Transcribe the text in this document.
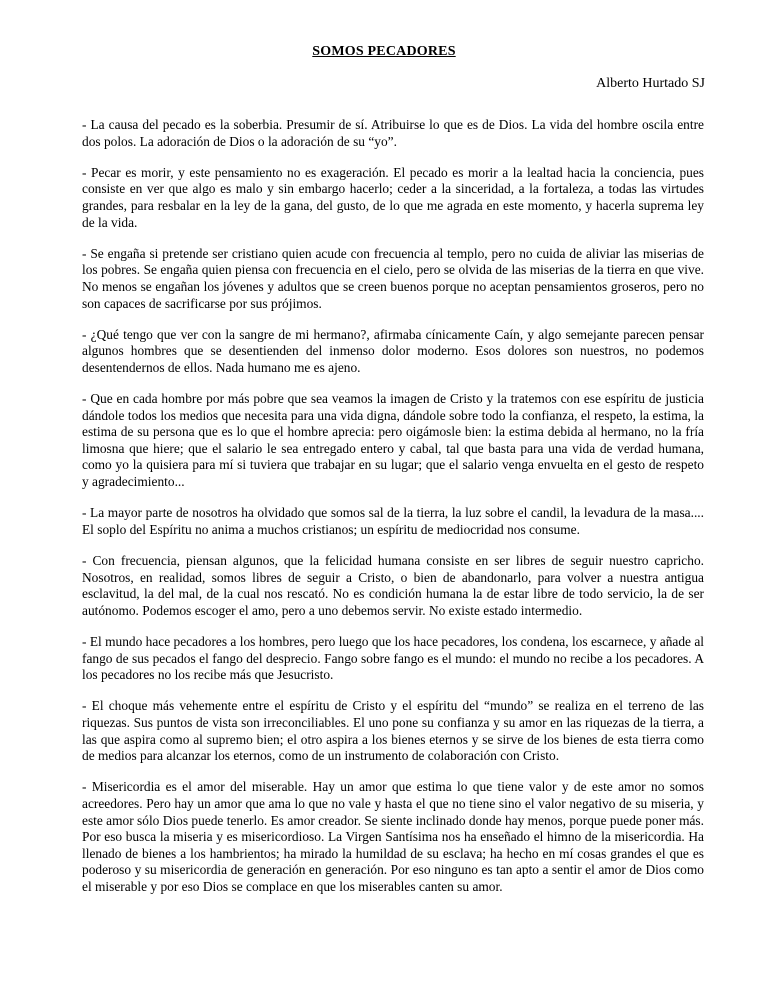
SOMOS PECADORES
Alberto Hurtado SJ

- La causa del pecado es la soberbia. Presumir de sí. Atribuirse lo que es de Dios. La vida del hombre oscila entre dos polos. La adoración de Dios o la adoración de su “yo”.

- Pecar es morir, y este pensamiento no es exageración. El pecado es morir a la lealtad hacia la conciencia, pues consiste en ver que algo es malo y sin embargo hacerlo; ceder a la sinceridad, a la fortaleza, a todas las virtudes grandes, para resbalar en la ley de la gana, del gusto, de lo que me agrada en este momento, y hacerla suprema ley de la vida.

- Se engaña si pretende ser cristiano quien acude con frecuencia al templo, pero no cuida de aliviar las miserias de los pobres. Se engaña quien piensa con frecuencia en el cielo, pero se olvida de las miserias de la tierra en que vive. No menos se engañan los jóvenes y adultos que se creen buenos porque no aceptan pensamientos groseros, pero no son capaces de sacrificarse por sus prójimos.

- ¿Qué tengo que ver con la sangre de mi hermano?, afirmaba cínicamente Caín, y algo semejante parecen pensar algunos hombres que se desentienden del inmenso dolor moderno. Esos dolores son nuestros, no podemos desentendernos de ellos. Nada humano me es ajeno.

- Que en cada hombre por más pobre que sea veamos la imagen de Cristo y la tratemos con ese espíritu de justicia dándole todos los medios que necesita para una vida digna, dándole sobre todo la confianza, el respeto, la estima, la estima de su persona que es lo que el hombre aprecia: pero oigámosle bien: la estima debida al hermano, no la fría limosna que hiere; que el salario le sea entregado entero y cabal, tal que basta para una vida de verdad humana, como yo la quisiera para mí si tuviera que trabajar en su lugar; que el salario venga envuelta en el gesto de respeto y agradecimiento...

- La mayor parte de nosotros ha olvidado que somos sal de la tierra, la luz sobre el candil, la levadura de la masa.... El soplo del Espíritu no anima a muchos cristianos; un espíritu de mediocridad nos consume.

- Con frecuencia, piensan algunos, que la felicidad humana consiste en ser libres de seguir nuestro capricho. Nosotros, en realidad, somos libres de seguir a Cristo, o bien de abandonarlo, para volver a nuestra antigua esclavitud, la del mal, de la cual nos rescató. No es condición humana la de estar libre de todo servicio, la de ser autónomo. Podemos escoger el amo, pero a uno debemos servir. No existe estado intermedio.

- El mundo hace pecadores a los hombres, pero luego que los hace pecadores, los condena, los escarnece, y añade al fango de sus pecados el fango del desprecio. Fango sobre fango es el mundo: el mundo no recibe a los pecadores. A los pecadores no los recibe más que Jesucristo.

- El choque más vehemente entre el espíritu de Cristo y el espíritu del “mundo” se realiza en el terreno de las riquezas. Sus puntos de vista son irreconciliables. El uno pone su confianza y su amor en las riquezas de la tierra, a las que aspira como al supremo bien; el otro aspira a los bienes eternos y se sirve de los bienes de esta tierra como de medios para alcanzar los eternos, como de un instrumento de colaboración con Cristo.

- Misericordia es el amor del miserable. Hay un amor que estima lo que tiene valor y de este amor no somos acreedores. Pero hay un amor que ama lo que no vale y hasta el que no tiene sino el valor negativo de su miseria, y este amor sólo Dios puede tenerlo. Es amor creador. Se siente inclinado donde hay menos, porque puede poner más. Por eso busca la miseria y es misericordioso. La Virgen Santísima nos ha enseñado el himno de la misericordia. Ha llenado de bienes a los hambrientos; ha mirado la humildad de su esclava; ha hecho en mí cosas grandes el que es poderoso y su misericordia de generación en generación. Por eso ninguno es tan apto a sentir el amor de Dios como el miserable y por eso Dios se complace en que los miserables canten su amor.
